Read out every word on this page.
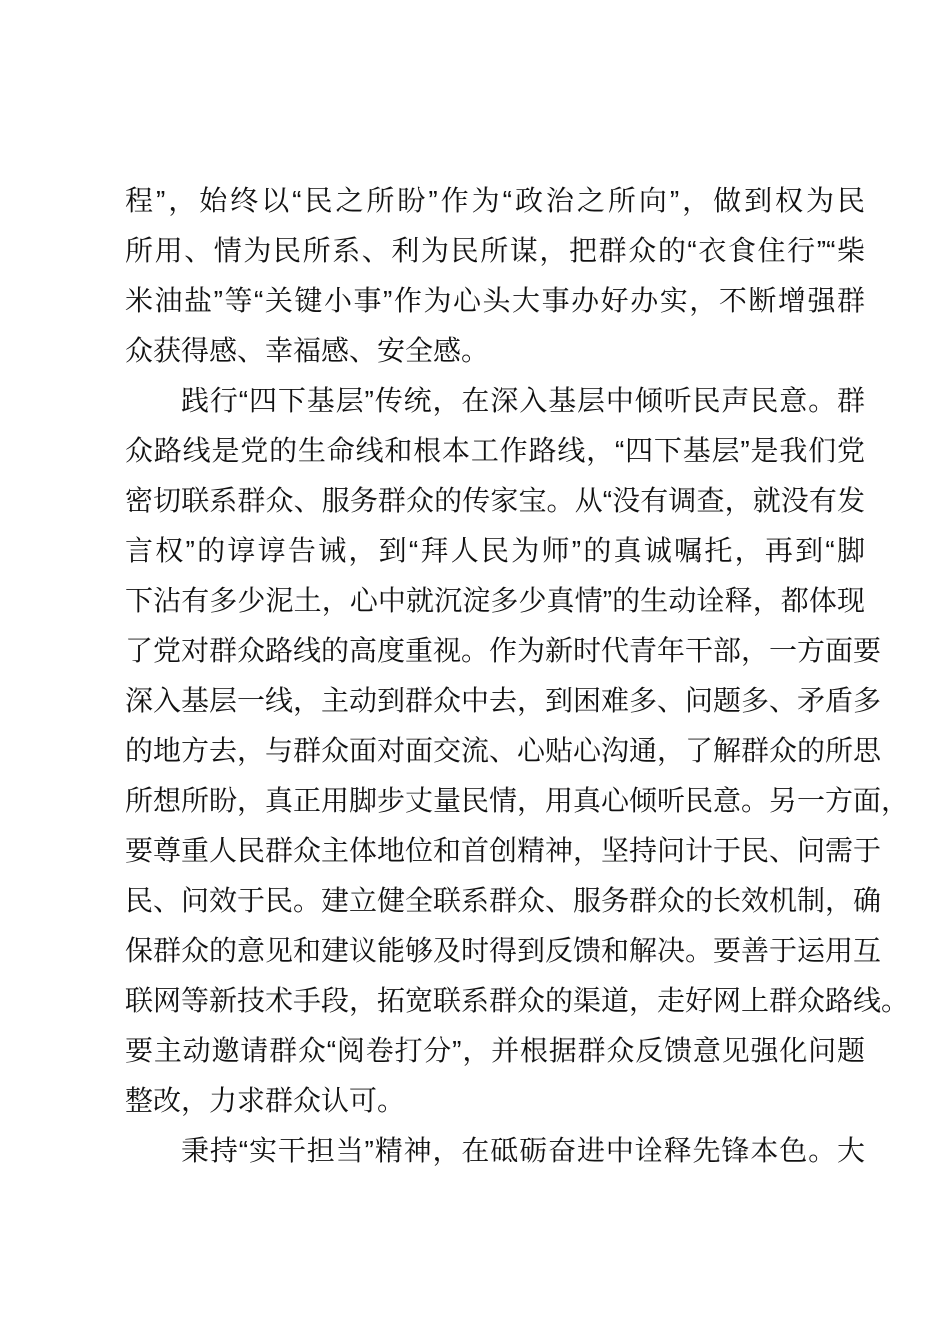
程”，始终以“民之所盼”作为“政治之所向”，做到权为民
所用、情为民所系、利为民所谋，把群众的“衣食住行”“柴
米油盐”等“关键小事”作为心头大事办好办实，不断增强群
众获得感、幸福感、安全感。
践行“四下基层”传统，在深入基层中倾听民声民意。群
众路线是党的生命线和根本工作路线，“四下基层”是我们党
密切联系群众、服务群众的传家宝。从“没有调查，就没有发
言权”的谆谆告诫，到“拜人民为师”的真诚嘱托，再到“脚
下沾有多少泥土，心中就沉淀多少真情”的生动诠释，都体现
了党对群众路线的高度重视。作为新时代青年干部，一方面要
深入基层一线，主动到群众中去，到困难多、问题多、矛盾多
的地方去，与群众面对面交流、心贴心沟通，了解群众的所思
所想所盼，真正用脚步丈量民情，用真心倾听民意。另一方面，
要尊重人民群众主体地位和首创精神，坚持问计于民、问需于
民、问效于民。建立健全联系群众、服务群众的长效机制，确
保群众的意见和建议能够及时得到反馈和解决。要善于运用互
联网等新技术手段，拓宽联系群众的渠道，走好网上群众路线。
要主动邀请群众“阅卷打分”，并根据群众反馈意见强化问题
整改，力求群众认可。
秉持“实干担当”精神，在砥砺奋进中诠释先锋本色。大
